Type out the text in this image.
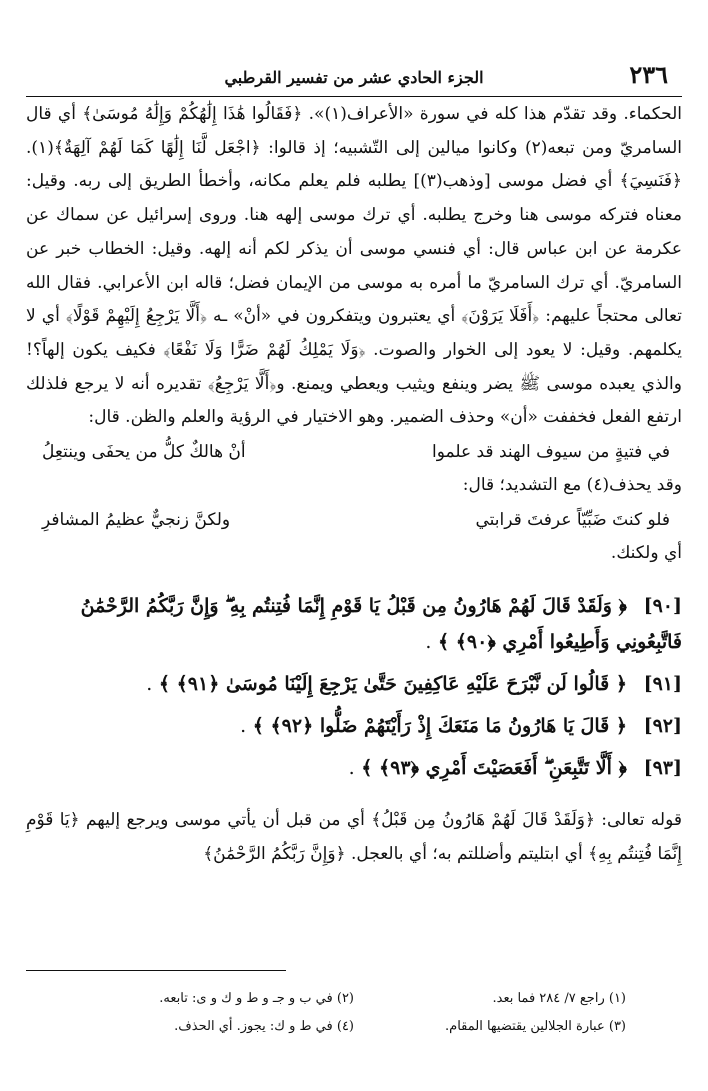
٢٣٦
الجزء الحادي عشر من تفسير القرطبي

الحكماء. وقد تقدّم هذا كله في سورة «الأعراف(١)». ﴿فَقَالُوا هَٰذَا إِلَٰهُكُمْ وَإِلَٰهُ مُوسَىٰ﴾ أي قال السامريّ ومن تبعه(٢) وكانوا ميالين إلى التّشبيه؛ إذ قالوا: ﴿اجْعَل لَّنَا إِلَٰهًا كَمَا لَهُمْ آلِهَةٌ﴾(١). ﴿فَنَسِيَ﴾ أي فضل موسى [وذهب(٣)] يطلبه فلم يعلم مكانه، وأخطأ الطريق إلى ربه. وقيل: معناه فتركه موسى هنا وخرج يطلبه. أي ترك موسى إلهه هنا. وروى إسرائيل عن سماك عن عكرمة عن ابن عباس قال: أي فنسي موسى أن يذكر لكم أنه إلهه. وقيل: الخطاب خبر عن السامريّ. أي ترك السامريّ ما أمره به موسى من الإيمان فضل؛ قاله ابن الأعرابي. فقال الله تعالى محتجاً عليهم: ﴿أَفَلَا يَرَوْنَ﴾ أي يعتبرون ويتفكرون في «أنْ» ـه ﴿أَلَّا يَرْجِعُ إِلَيْهِمْ قَوْلًا﴾ أي لا يكلمهم. وقيل: لا يعود إلى الخوار والصوت. ﴿وَلَا يَمْلِكُ لَهُمْ ضَرًّا وَلَا نَفْعًا﴾ فكيف يكون إلهاً؟! والذي يعبده موسى ﷺ يضر وينفع ويثيب ويعطي ويمنع. و﴿أَلَّا يَرْجِعُ﴾ تقديره أنه لا يرجع فلذلك ارتفع الفعل فخففت «أن» وحذف الضمير. وهو الاختيار في الرؤية والعلم والظن. قال:

في فتيةٍ من سيوف الهند قد علموا
أنْ هالكٌ كلُّ من يحفَى وينتعِلُ

وقد يحذف(٤) مع التشديد؛ قال:

فلو كنتَ ضَبِّيّاً عرفتَ قرابتي
ولكنَّ زنجيٌّ عظيمُ المشافرِ

أي ولكنك.

[٩٠] ﴿ وَلَقَدْ قَالَ لَهُمْ هَارُونُ مِن قَبْلُ يَا قَوْمِ إِنَّمَا فُتِنتُم بِهِ ۖ وَإِنَّ رَبَّكُمُ الرَّحْمَٰنُ فَاتَّبِعُونِي وَأَطِيعُوا أَمْرِي ﴿٩٠﴾ ﴾ .

[٩١] ﴿ قَالُوا لَن نَّبْرَحَ عَلَيْهِ عَاكِفِينَ حَتَّىٰ يَرْجِعَ إِلَيْنَا مُوسَىٰ ﴿٩١﴾ ﴾ .

[٩٢] ﴿ قَالَ يَا هَارُونُ مَا مَنَعَكَ إِذْ رَأَيْتَهُمْ ضَلُّوا ﴿٩٢﴾ ﴾ .

[٩٣] ﴿ أَلَّا تَتَّبِعَنِ ۖ أَفَعَصَيْتَ أَمْرِي ﴿٩٣﴾ ﴾ .

قوله تعالى: ﴿وَلَقَدْ قَالَ لَهُمْ هَارُونُ مِن قَبْلُ﴾ أي من قبل أن يأتي موسى ويرجع إليهم ﴿يَا قَوْمِ إِنَّمَا فُتِنتُم بِهِ﴾ أي ابتليتم وأضللتم به؛ أي بالعجل. ﴿وَإِنَّ رَبَّكُمُ الرَّحْمَٰنُ﴾

(١) راجع ٧/ ٢٨٤ فما بعد.
(٢) في ب و جـ و ط و ك و ى: تابعه.
(٣) عبارة الجلالين يقتضيها المقام.
(٤) في ط و ك: يجوز. أي الحذف.
